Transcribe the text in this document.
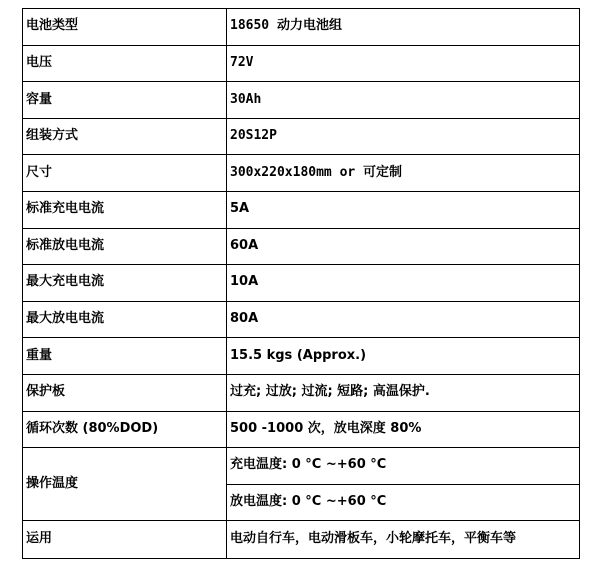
电池类型	18650 动力电池组
电压	72V
容量	30Ah
组装方式	20S12P
尺寸	300x220x180mm or 可定制
标准充电电流	5A
标准放电电流	60A
最大充电电流	10A
最大放电电流	80A
重量	15.5 kgs (Approx.)
保护板	过充; 过放; 过流; 短路; 高温保护.
循环次数 (80%DOD)	500 -1000 次，放电深度 80%
操作温度	充电温度: 0 °C ~+60 °C
	放电温度: 0 °C ~+60 °C
运用	电动自行车，电动滑板车，小轮摩托车，平衡车等
